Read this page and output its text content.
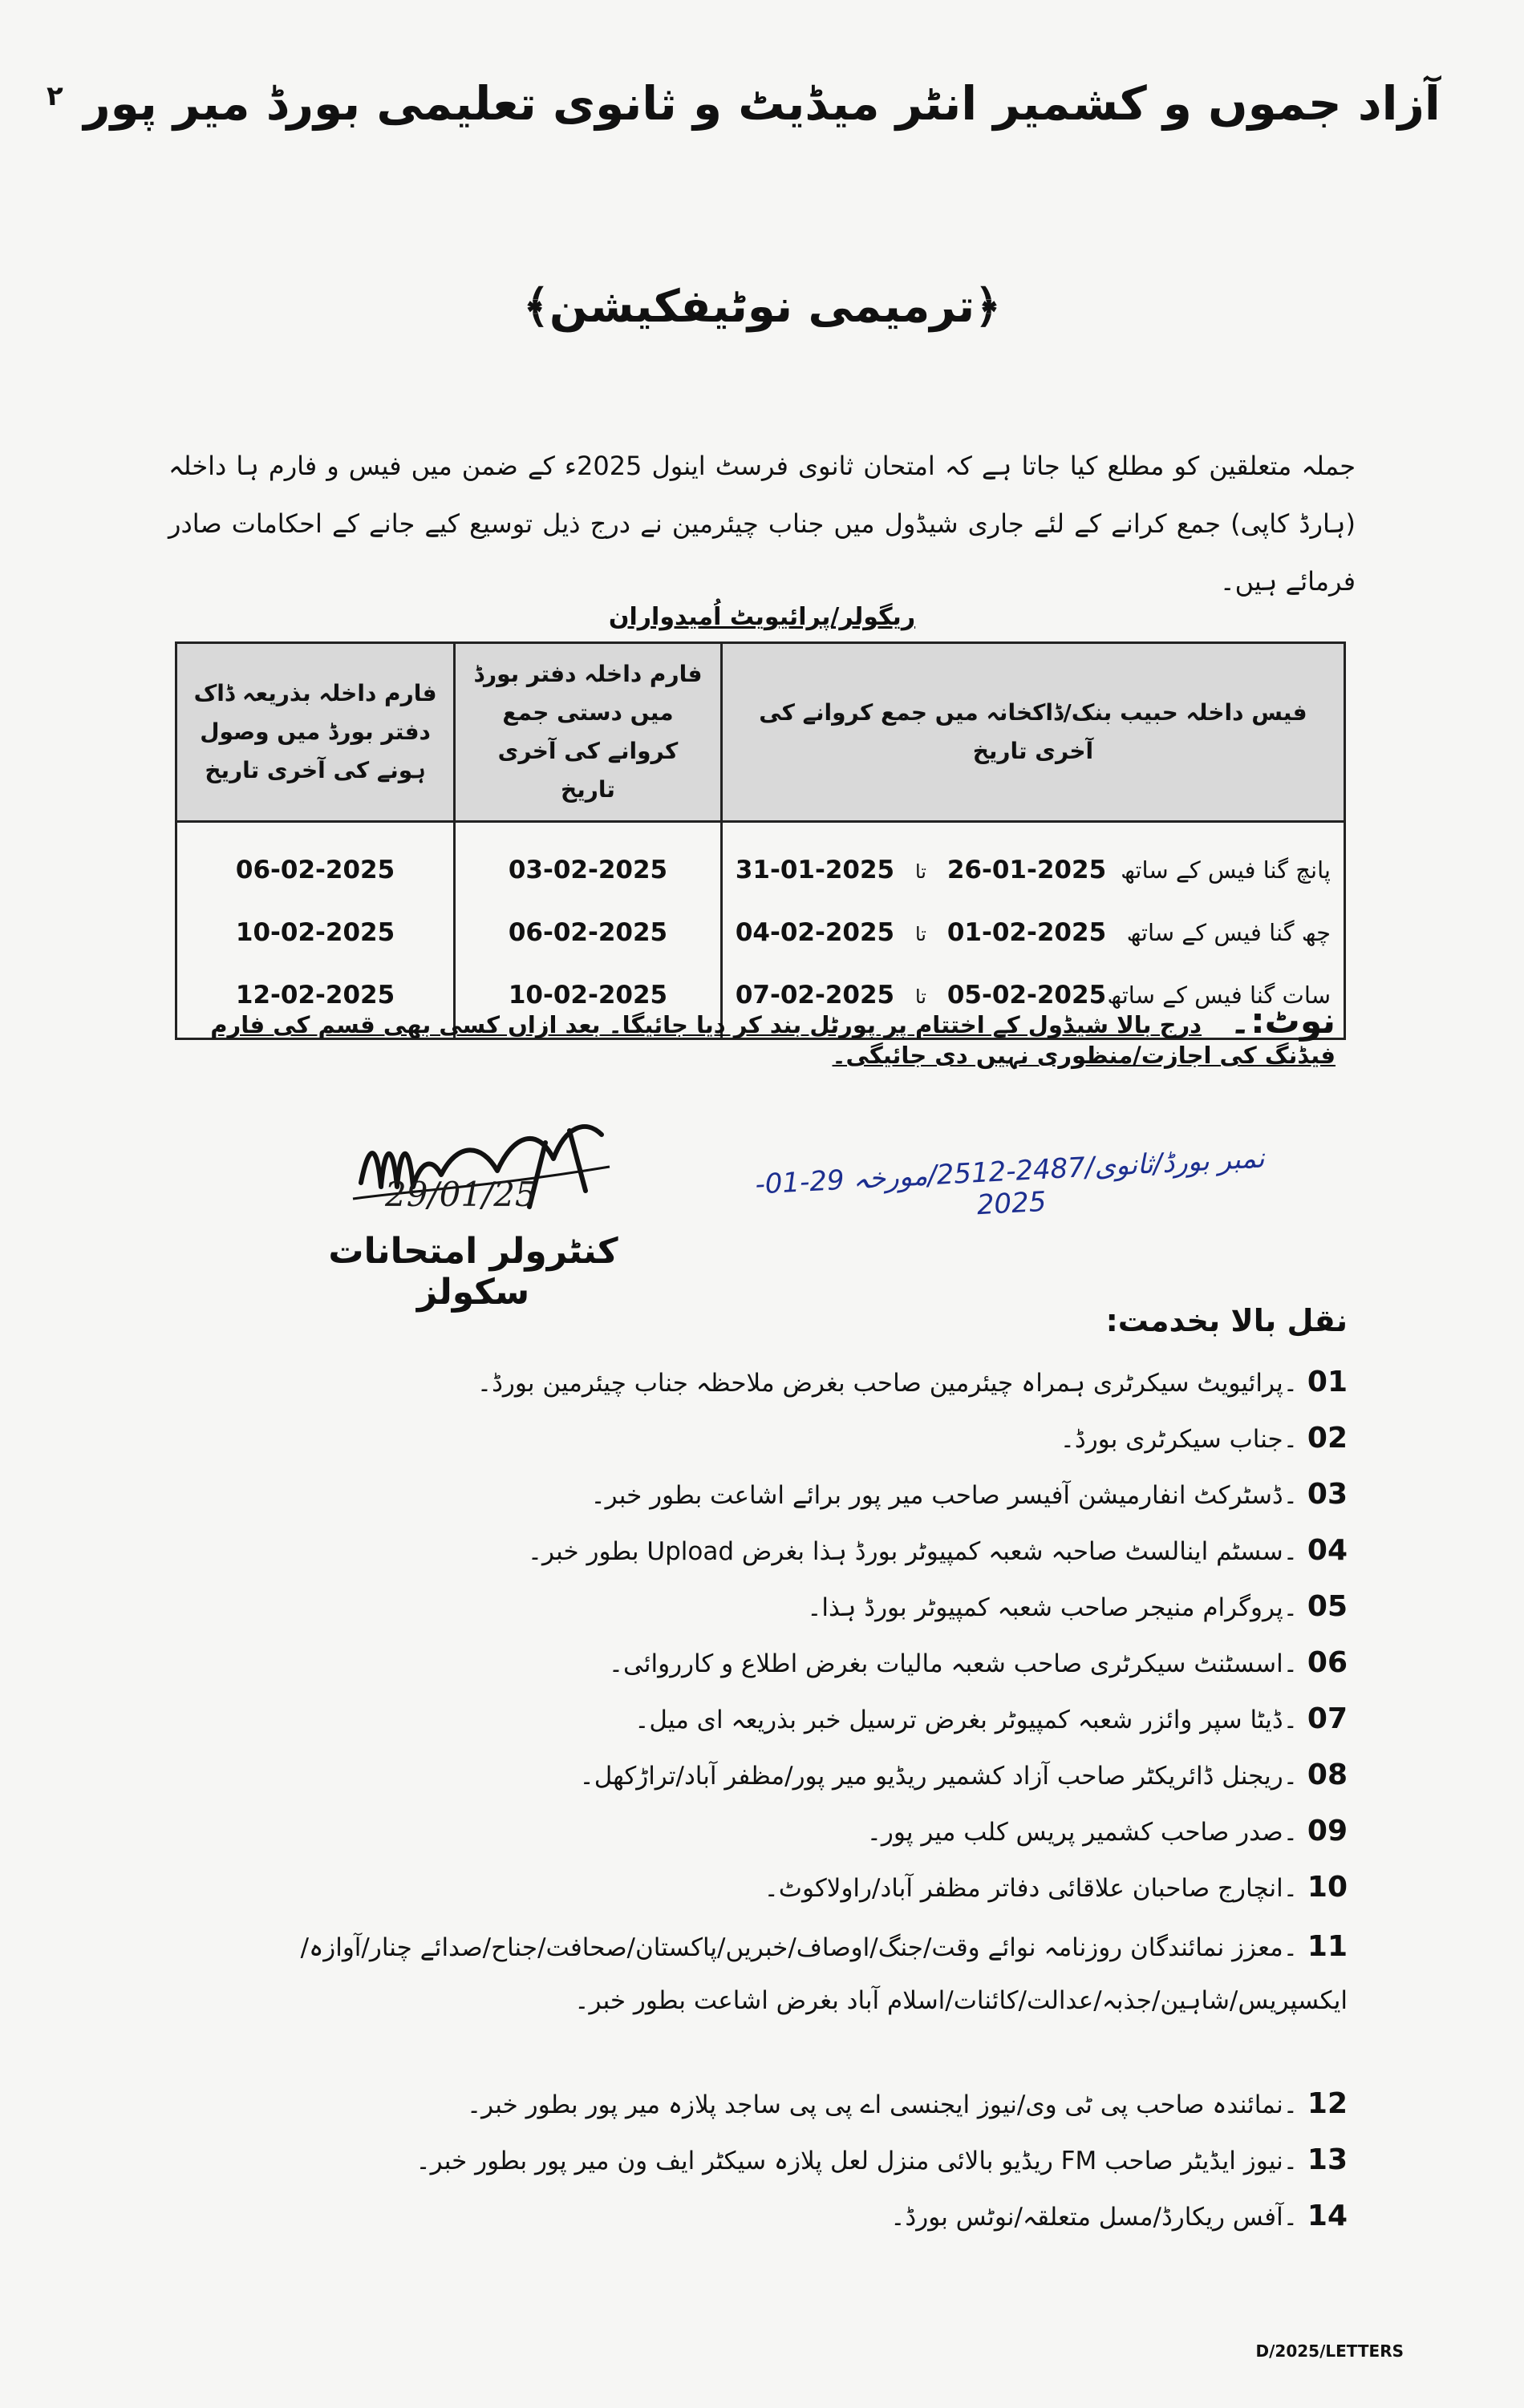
۲ آزاد جموں و کشمیر انٹر میڈیٹ و ثانوی تعلیمی بورڈ میر پور
﴿ترمیمی نوٹیفکیشن﴾
جملہ متعلقین کو مطلع کیا جاتا ہے کہ امتحان ثانوی فرسٹ اینول 2025ء کے ضمن میں فیس و فارم ہا داخلہ (ہارڈ کاپی) جمع کرانے کے لئے جاری شیڈول میں جناب چیئرمین نے درج ذیل توسیع کیے جانے کے احکامات صادر فرمائے ہیں۔
ریگولر/پرائیویٹ اُمیدواران
فیس داخلہ حبیب بنک/ڈاکخانہ میں جمع کروانے کی آخری تاریخ	فارم داخلہ دفتر بورڈ میں دستی جمع کروانے کی آخری تاریخ	فارم داخلہ بذریعہ ڈاک دفتر بورڈ میں وصول ہونے کی آخری تاریخ
پانچ گنا فیس کے ساتھ 26-01-2025 تا 31-01-2025	03-02-2025	06-02-2025
چھ گنا فیس کے ساتھ 01-02-2025 تا 04-02-2025	06-02-2025	10-02-2025
سات گنا فیس کے ساتھ 05-02-2025 تا 07-02-2025	10-02-2025	12-02-2025
نوٹ:۔ درج بالا شیڈول کے اختتام پر پورٹل بند کر دیا جائیگا۔ بعد ازاں کسی بھی قسم کی فارم فیڈنگ کی اجازت/منظوری نہیں دی جائیگی۔
29/01/25
کنٹرولر امتحانات سکولز
نمبر بورڈ/ثانوی/2487-2512/مورخہ 29-01-2025
نقل بالا بخدمت:
01۔پرائیویٹ سیکرٹری ہمراہ چیئرمین صاحب بغرض ملاحظہ جناب چیئرمین بورڈ۔
02۔جناب سیکرٹری بورڈ۔
03۔ڈسٹرکٹ انفارمیشن آفیسر صاحب میر پور برائے اشاعت بطور خبر۔
04۔سسٹم اینالسٹ صاحبہ شعبہ کمپیوٹر بورڈ ہذا بغرض Upload بطور خبر۔
05۔پروگرام منیجر صاحب شعبہ کمپیوٹر بورڈ ہذا۔
06۔اسسٹنٹ سیکرٹری صاحب شعبہ مالیات بغرض اطلاع و کارروائی۔
07۔ڈیٹا سپر وائزر شعبہ کمپیوٹر بغرض ترسیل خبر بذریعہ ای میل۔
08۔ریجنل ڈائریکٹر صاحب آزاد کشمیر ریڈیو میر پور/مظفر آباد/تراڑکھل۔
09۔صدر صاحب کشمیر پریس کلب میر پور۔
10۔انچارج صاحبان علاقائی دفاتر مظفر آباد/راولاکوٹ۔
11۔معزز نمائندگان روزنامہ نوائے وقت/جنگ/اوصاف/خبریں/پاکستان/صحافت/جناح/صدائے چنار/آوازہ/ایکسپریس/شاہین/جذبہ/عدالت/کائنات/اسلام آباد بغرض اشاعت بطور خبر۔
12۔نمائندہ صاحب پی ٹی وی/نیوز ایجنسی اے پی پی ساجد پلازہ میر پور بطور خبر۔
13۔نیوز ایڈیٹر صاحب FM ریڈیو بالائی منزل لعل پلازہ سیکٹر ایف ون میر پور بطور خبر۔
14۔آفس ریکارڈ/مسل متعلقہ/نوٹس بورڈ۔
D/2025/LETTERS
